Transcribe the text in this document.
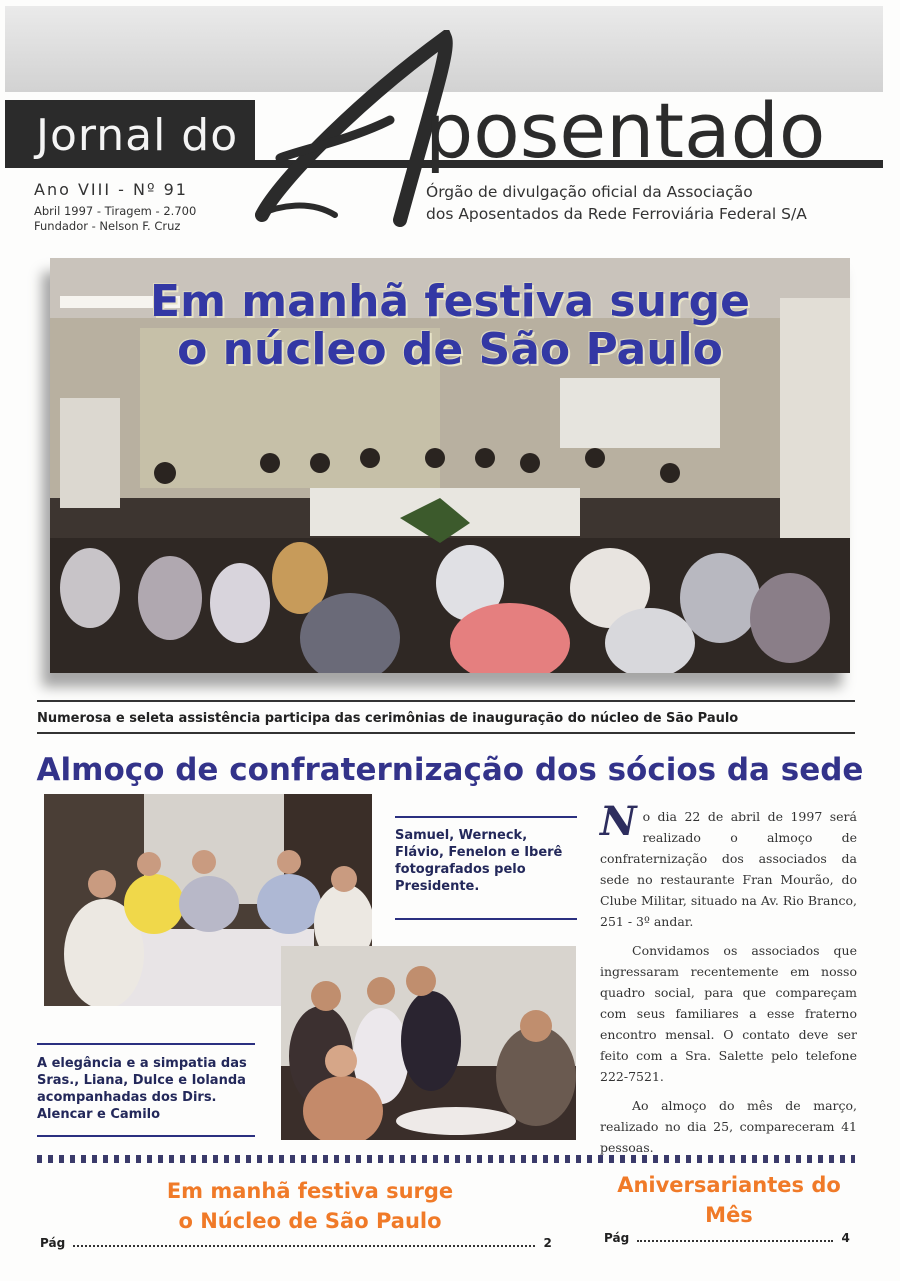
Jornal do posentado
Ano VIII - Nº 91
Abril 1997 - Tiragem - 2.700
Fundador - Nelson F. Cruz
Órgão de divulgação oficial da Associação
dos Aposentados da Rede Ferroviária Federal S/A
Em manhã festiva surge
o núcleo de São Paulo
Numerosa e seleta assistência participa das cerimônias de inauguração do núcleo de São Paulo
Almoço de confraternização dos sócios da sede
Samuel, Werneck, Flávio, Fenelon e Iberê fotografados pelo Presidente.
A elegância e a simpatia das Sras., Liana, Dulce e Iolanda acompanhadas dos Dirs. Alencar e Camilo

No dia 22 de abril de 1997 será realizado o almoço de confraternização dos associados da sede no restaurante Fran Mourão, do Clube Militar, situado na Av. Rio Branco, 251 - 3º andar.

Convidamos os associados que ingressaram recentemente em nosso quadro social, para que compareçam com seus familiares a esse fraterno encontro mensal. O contato deve ser feito com a Sra. Salette pelo telefone 222-7521.

Ao almoço do mês de março, realizado no dia 25, compareceram 41 pessoas.

Em manhã festiva surge
o Núcleo de São Paulo
Pág	2
Aniversariantes do
Mês
Pág	4
